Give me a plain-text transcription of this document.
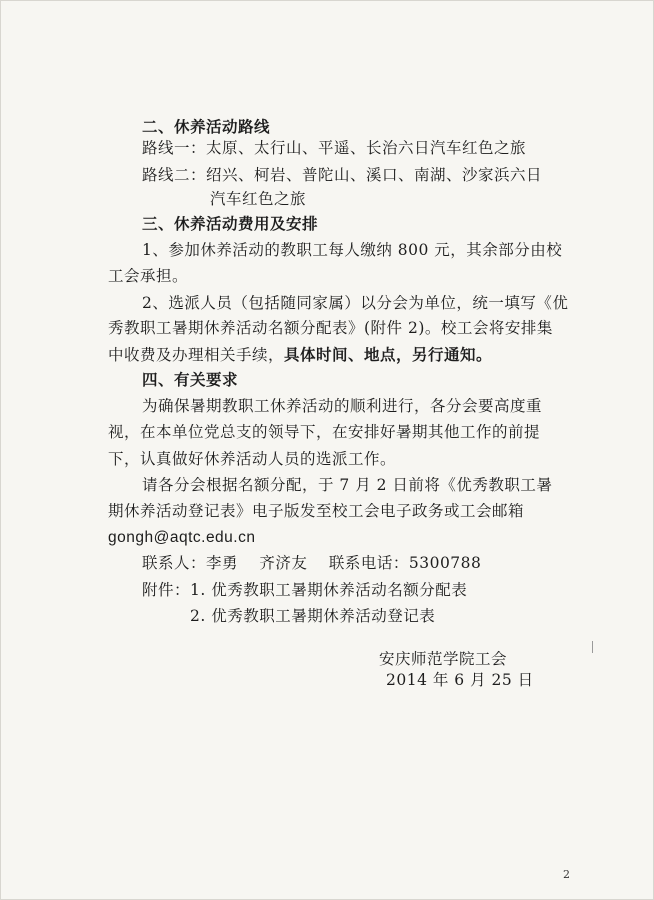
二、休养活动路线
路线一：太原、太行山、平遥、长治六日汽车红色之旅
路线二：绍兴、柯岩、普陀山、溪口、南湖、沙家浜六日
汽车红色之旅
三、休养活动费用及安排
1、参加休养活动的教职工每人缴纳 800 元，其余部分由校
工会承担。
2、选派人员（包括随同家属）以分会为单位，统一填写《优
秀教职工暑期休养活动名额分配表》(附件 2)。校工会将安排集
中收费及办理相关手续，具体时间、地点，另行通知。
四、有关要求
为确保暑期教职工休养活动的顺利进行，各分会要高度重
视，在本单位党总支的领导下，在安排好暑期其他工作的前提
下，认真做好休养活动人员的选派工作。
请各分会根据名额分配，于 7 月 2 日前将《优秀教职工暑
期休养活动登记表》电子版发至校工会电子政务或工会邮箱
gongh@aqtc.edu.cn
联系人：李勇　 齐济友　 联系电话：5300788
附件：1. 优秀教职工暑期休养活动名额分配表
2. 优秀教职工暑期休养活动登记表
安庆师范学院工会
2014 年 6 月 25 日
2
